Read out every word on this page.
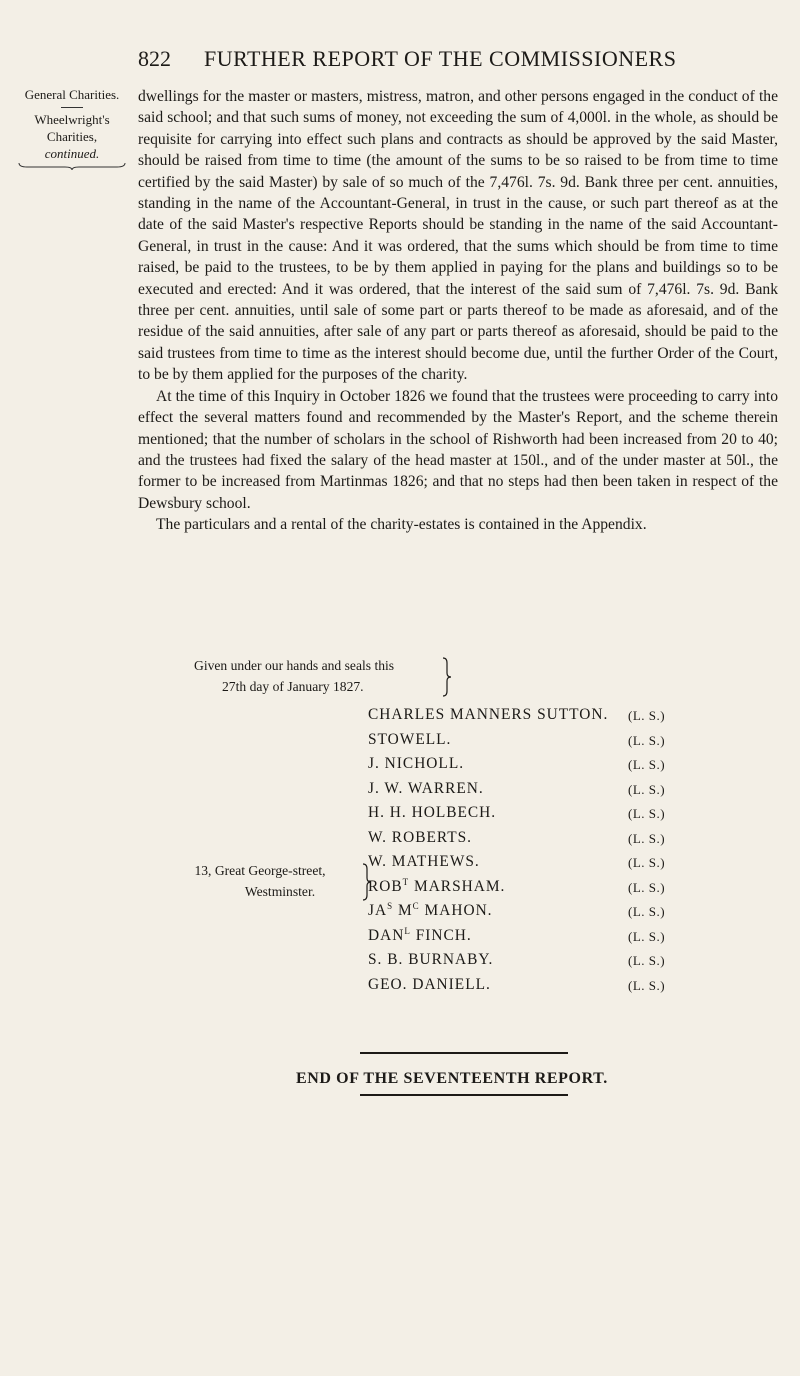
822 FURTHER REPORT OF THE COMMISSIONERS
General Charities.
Wheelwright's
Charities,
continued.

dwellings for the master or masters, mistress, matron, and other persons engaged in the conduct of the said school; and that such sums of money, not exceeding the sum of 4,000l. in the whole, as should be requisite for carrying into effect such plans and contracts as should be approved by the said Master, should be raised from time to time (the amount of the sums to be so raised to be from time to time certified by the said Master) by sale of so much of the 7,476l. 7s. 9d. Bank three per cent. annuities, standing in the name of the Accountant-General, in trust in the cause, or such part thereof as at the date of the said Master's respective Reports should be standing in the name of the said Accountant-General, in trust in the cause: And it was ordered, that the sums which should be from time to time raised, be paid to the trustees, to be by them applied in paying for the plans and buildings so to be executed and erected: And it was ordered, that the interest of the said sum of 7,476l. 7s. 9d. Bank three per cent. annuities, until sale of some part or parts thereof to be made as aforesaid, and of the residue of the said annuities, after sale of any part or parts thereof as aforesaid, should be paid to the said trustees from time to time as the interest should become due, until the further Order of the Court, to be by them applied for the purposes of the charity.

At the time of this Inquiry in October 1826 we found that the trustees were proceeding to carry into effect the several matters found and recommended by the Master's Report, and the scheme therein mentioned; that the number of scholars in the school of Rishworth had been increased from 20 to 40; and the trustees had fixed the salary of the head master at 150l., and of the under master at 50l., the former to be increased from Martinmas 1826; and that no steps had then been taken in respect of the Dewsbury school.

The particulars and a rental of the charity-estates is contained in the Appendix.

Given under our hands and seals this
27th day of January 1827.
13, Great George-street,
Westminster.
CHARLES MANNERS SUTTON. (L. S.)
STOWELL.	(L. S.)
J. NICHOLL.	(L. S.)
J. W. WARREN.	(L. S.)
H. H. HOLBECH.	(L. S.)
W. ROBERTS.	(L. S.)
W. MATHEWS.	(L. S.)
$ROB^T$ MARSHAM.	(L. S.)
$JA^S$ $M^C$ MAHON.	(L. S.)
$DAN^L$ FINCH.	(L. S.)
S. B. BURNABY.	(L. S.)
GEO. DANIELL.	(L. S.)
END OF THE SEVENTEENTH REPORT.
